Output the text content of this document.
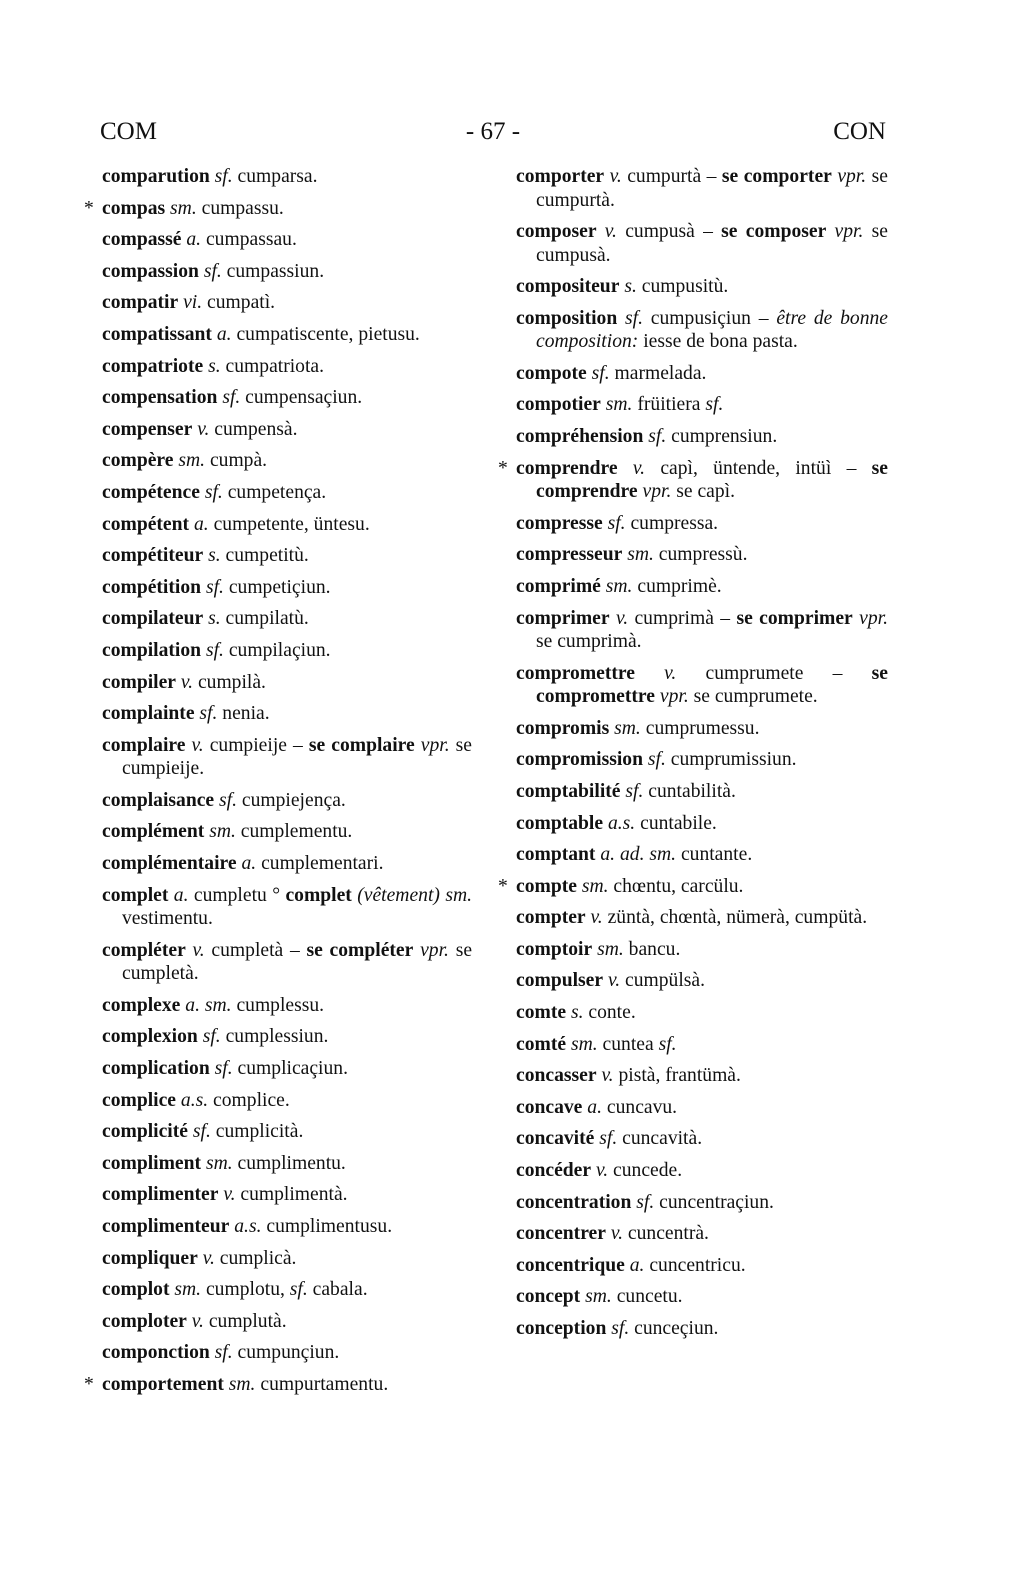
COM	- 67 -	CON
comparution sf. cumparsa.
* compas sm. cumpassu.
compassé a. cumpassau.
compassion sf. cumpassiun.
compatir vi. cumpatì.
compatissant a. cumpatiscente, pietusu.
compatriote s. cumpatriota.
compensation sf. cumpensaçiun.
compenser v. cumpensà.
compère sm. cumpà.
compétence sf. cumpetença.
compétent a. cumpetente, üntesu.
compétiteur s. cumpetitù.
compétition sf. cumpetiçiun.
compilateur s. cumpilatù.
compilation sf. cumpilaçiun.
compiler v. cumpilà.
complainte sf. nenia.
complaire v. cumpieije – se complaire vpr. se cumpieije.
complaisance sf. cumpiejença.
complément sm. cumplementu.
complémentaire a. cumplementari.
complet a. cumpletu ° complet (vêtement) sm. vestimentu.
compléter v. cumpletà – se compléter vpr. se cumpletà.
complexe a. sm. cumplessu.
complexion sf. cumplessiun.
complication sf. cumplicaçiun.
complice a.s. complice.
complicité sf. cumplicità.
compliment sm. cumplimentu.
complimenter v. cumplimentà.
complimenteur a.s. cumplimentusu.
compliquer v. cumplicà.
complot sm. cumplotu, sf. cabala.
comploter v. cumplutà.
componction sf. cumpunçiun.
* comportement sm. cumpurtamentu.
comporter v. cumpurtà – se comporter vpr. se cumpurtà.
composer v. cumpusà – se composer vpr. se cumpusà.
compositeur s. cumpusitù.
composition sf. cumpusiçiun – être de bonne composition: iesse de bona pasta.
compote sf. marmelada.
compotier sm. früitiera sf.
compréhension sf. cumprensiun.
* comprendre v. capì, üntende, intüì – se comprendre vpr. se capì.
compresse sf. cumpressa.
compresseur sm. cumpressù.
comprimé sm. cumprimè.
comprimer v. cumprimà – se comprimer vpr. se cumprimà.
compromettre v. cumprumete – se compromettre vpr. se cumprumete.
compromis sm. cumprumessu.
compromission sf. cumprumissiun.
comptabilité sf. cuntabilità.
comptable a.s. cuntabile.
comptant a. ad. sm. cuntante.
* compte sm. chœntu, carcülu.
compter v. züntà, chœntà, nümerà, cumpütà.
comptoir sm. bancu.
compulser v. cumpülsà.
comte s. conte.
comté sm. cuntea sf.
concasser v. pistà, frantümà.
concave a. cuncavu.
concavité sf. cuncavità.
concéder v. cuncede.
concentration sf. cuncentraçiun.
concentrer v. cuncentrà.
concentrique a. cuncentricu.
concept sm. cuncetu.
conception sf. cunceçiun.
